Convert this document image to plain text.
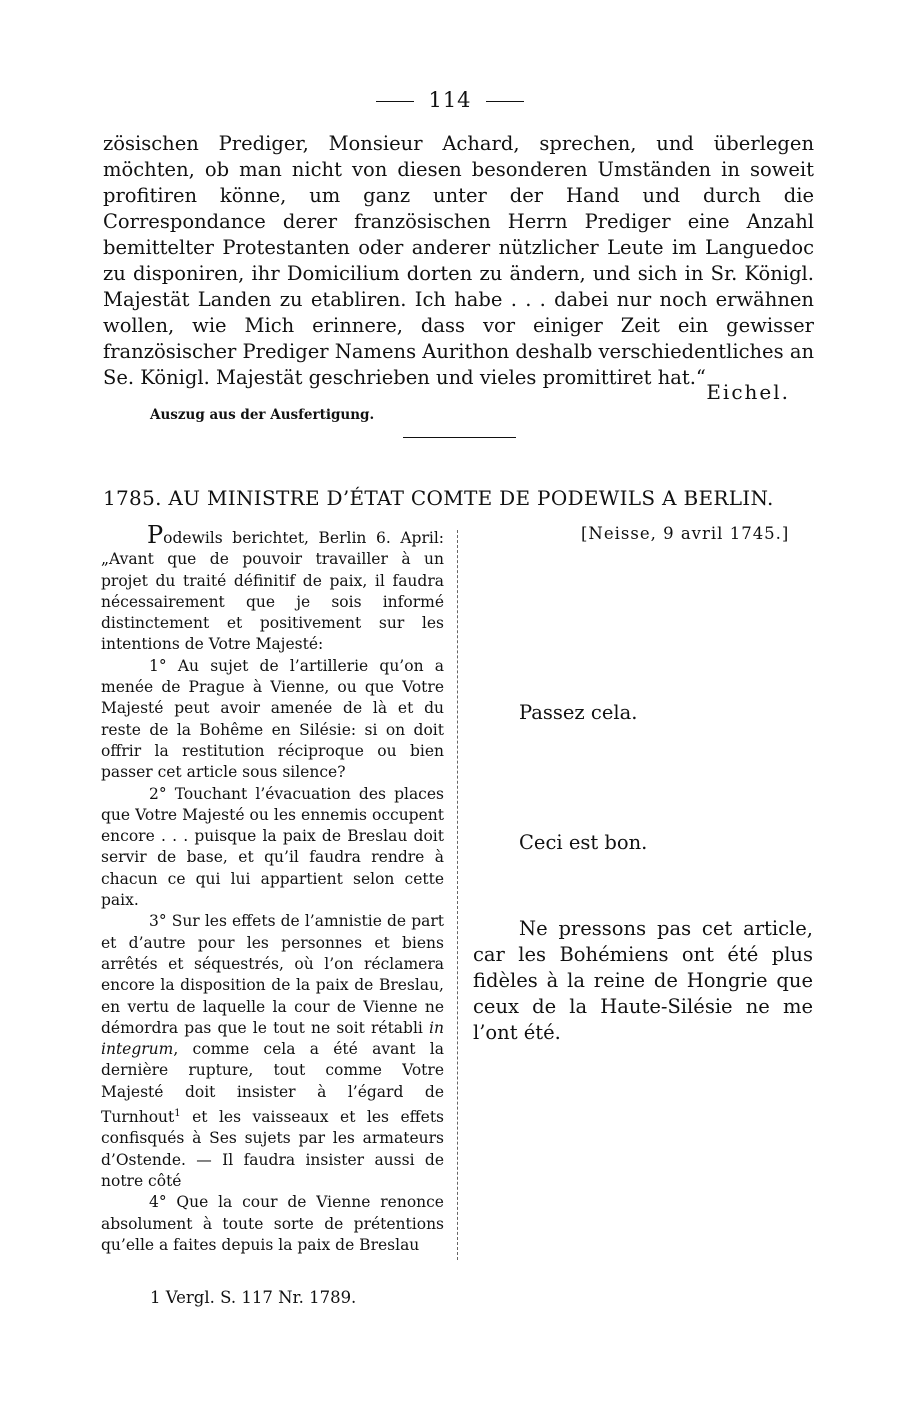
114

zösischen Prediger, Monsieur Achard, sprechen, und überlegen möchten, ob man nicht von diesen besonderen Umständen in soweit profitiren könne, um ganz unter der Hand und durch die Correspondance derer französischen Herrn Prediger eine Anzahl bemittelter Protestanten oder anderer nützlicher Leute im Languedoc zu disponiren, ihr Domicilium dorten zu ändern, und sich in Sr. Königl. Majestät Landen zu etabliren. Ich habe . . . dabei nur noch erwähnen wollen, wie Mich erinnere, dass vor einiger Zeit ein gewisser französischer Prediger Namens Aurithon deshalb verschiedentliches an Se. Königl. Majestät geschrieben und vieles promittiret hat.“

Eichel.
Auszug aus der Ausfertigung.
1785. AU MINISTRE D’ÉTAT COMTE DE PODEWILS A BERLIN.

Podewils berichtet, Berlin 6. April: „Avant que de pouvoir travailler à un projet du traité définitif de paix, il faudra nécessairement que je sois informé distinctement et positivement sur les intentions de Votre Majesté:

1° Au sujet de l’artillerie qu’on a menée de Prague à Vienne, ou que Votre Majesté peut avoir amenée de là et du reste de la Bohême en Silésie: si on doit offrir la restitution réciproque ou bien passer cet article sous silence?

2° Touchant l’évacuation des places que Votre Majesté ou les ennemis occupent encore . . . puisque la paix de Breslau doit servir de base, et qu’il faudra rendre à chacun ce qui lui appartient selon cette paix.

3° Sur les effets de l’amnistie de part et d’autre pour les personnes et biens arrêtés et séquestrés, où l’on réclamera encore la disposition de la paix de Breslau, en vertu de laquelle la cour de Vienne ne démordra pas que le tout ne soit rétabli in integrum, comme cela a été avant la dernière rupture, tout comme Votre Majesté doit insister à l’égard de Turnhout$^1$ et les vaisseaux et les effets confisqués à Ses sujets par les armateurs d’Ostende. — Il faudra insister aussi de notre côté

4° Que la cour de Vienne renonce absolument à toute sorte de prétentions qu’elle a faites depuis la paix de Breslau

[Neisse, 9 avril 1745.]
Passez cela.
Ceci est bon.
Ne pressons pas cet article, car les Bohémiens ont été plus fidèles à la reine de Hongrie que ceux de la Haute-Silésie ne me l’ont été.
1 Vergl. S. 117 Nr. 1789.
